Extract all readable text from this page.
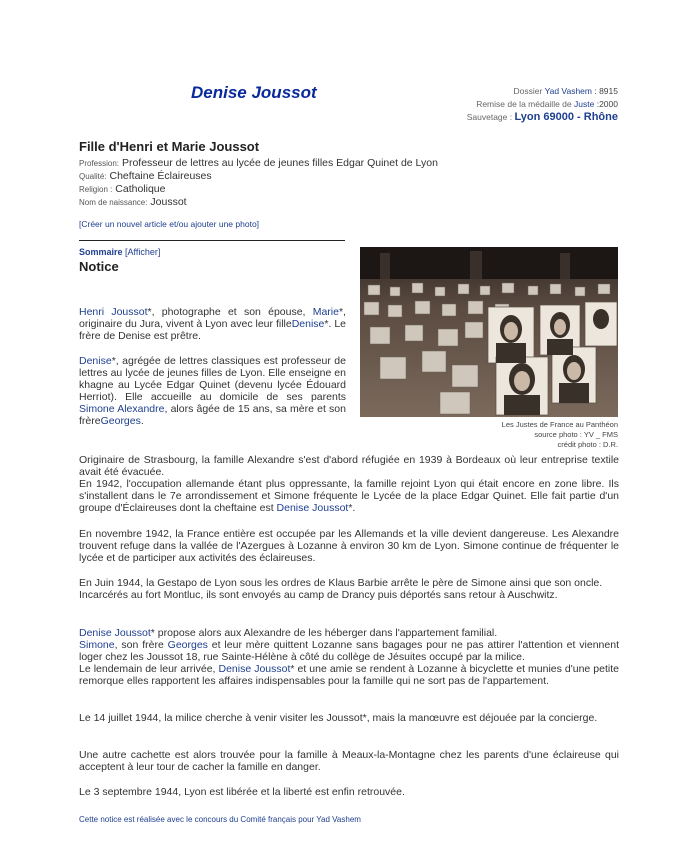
Denise Joussot	Dossier Yad Vashem : 8915
Remise de la médaille de Juste :2000
Sauvetage : Lyon 69000 - Rhône
Fille d'Henri et Marie Joussot
Profession: Professeur de lettres au lycée de jeunes filles Edgar Quinet de Lyon
Qualité: Cheftaine Éclaireuses
Religion : Catholique
Nom de naissance: Joussot
[Créer un nouvel article et/ou ajouter une photo]
Sommaire [Afficher]
Notice
Les Justes de France au Panthéon
source photo : YV _ FMS
crédit photo : D.R.

Henri Joussot*, photographe et son épouse, Marie*, originaire du Jura, vivent à Lyon avec leur filleDenise*. Le frère de Denise est prêtre.

Denise*, agrégée de lettres classiques est professeur de lettres au lycée de jeunes filles de Lyon. Elle enseigne en khagne au Lycée Edgar Quinet (devenu lycée Édouard Herriot). Elle accueille au domicile de ses parents Simone Alexandre, alors âgée de 15 ans, sa mère et son frèreGeorges.

Originaire de Strasbourg, la famille Alexandre s'est d'abord réfugiée en 1939 à Bordeaux où leur entreprise textile avait été évacuée.

En 1942, l'occupation allemande étant plus oppressante, la famille rejoint Lyon qui était encore en zone libre. Ils s'installent dans le 7e arrondissement et Simone fréquente le Lycée de la place Edgar Quinet. Elle fait partie d'un groupe d'Éclaireuses dont la cheftaine est Denise Joussot*.

En novembre 1942, la France entière est occupée par les Allemands et la ville devient dangereuse. Les Alexandre trouvent refuge dans la vallée de l'Azergues à Lozanne à environ 30 km de Lyon. Simone continue de fréquenter le lycée et de participer aux activités des éclaireuses.

En Juin 1944, la Gestapo de Lyon sous les ordres de Klaus Barbie arrête le père de Simone ainsi que son oncle.

Incarcérés au fort Montluc, ils sont envoyés au camp de Drancy puis déportés sans retour à Auschwitz.

Denise Joussot* propose alors aux Alexandre de les héberger dans l'appartement familial.

Simone, son frère Georges et leur mère quittent Lozanne sans bagages pour ne pas attirer l'attention et viennent loger chez les Joussot 18, rue Sainte-Hélène à côté du collège de Jésuites occupé par la milice.

Le lendemain de leur arrivée, Denise Joussot* et une amie se rendent à Lozanne à bicyclette et munies d'une petite remorque elles rapportent les affaires indispensables pour la famille qui ne sort pas de l'appartement.

Le 14 juillet 1944, la milice cherche à venir visiter les Joussot*, mais la manœuvre est déjouée par la concierge.
Une autre cachette est alors trouvée pour la famille à Meaux-la-Montagne chez les parents d'une éclaireuse qui acceptent à leur tour de cacher la famille en danger.
Le 3 septembre 1944, Lyon est libérée et la liberté est enfin retrouvée.
Cette notice est réalisée avec le concours du Comité français pour Yad Vashem
